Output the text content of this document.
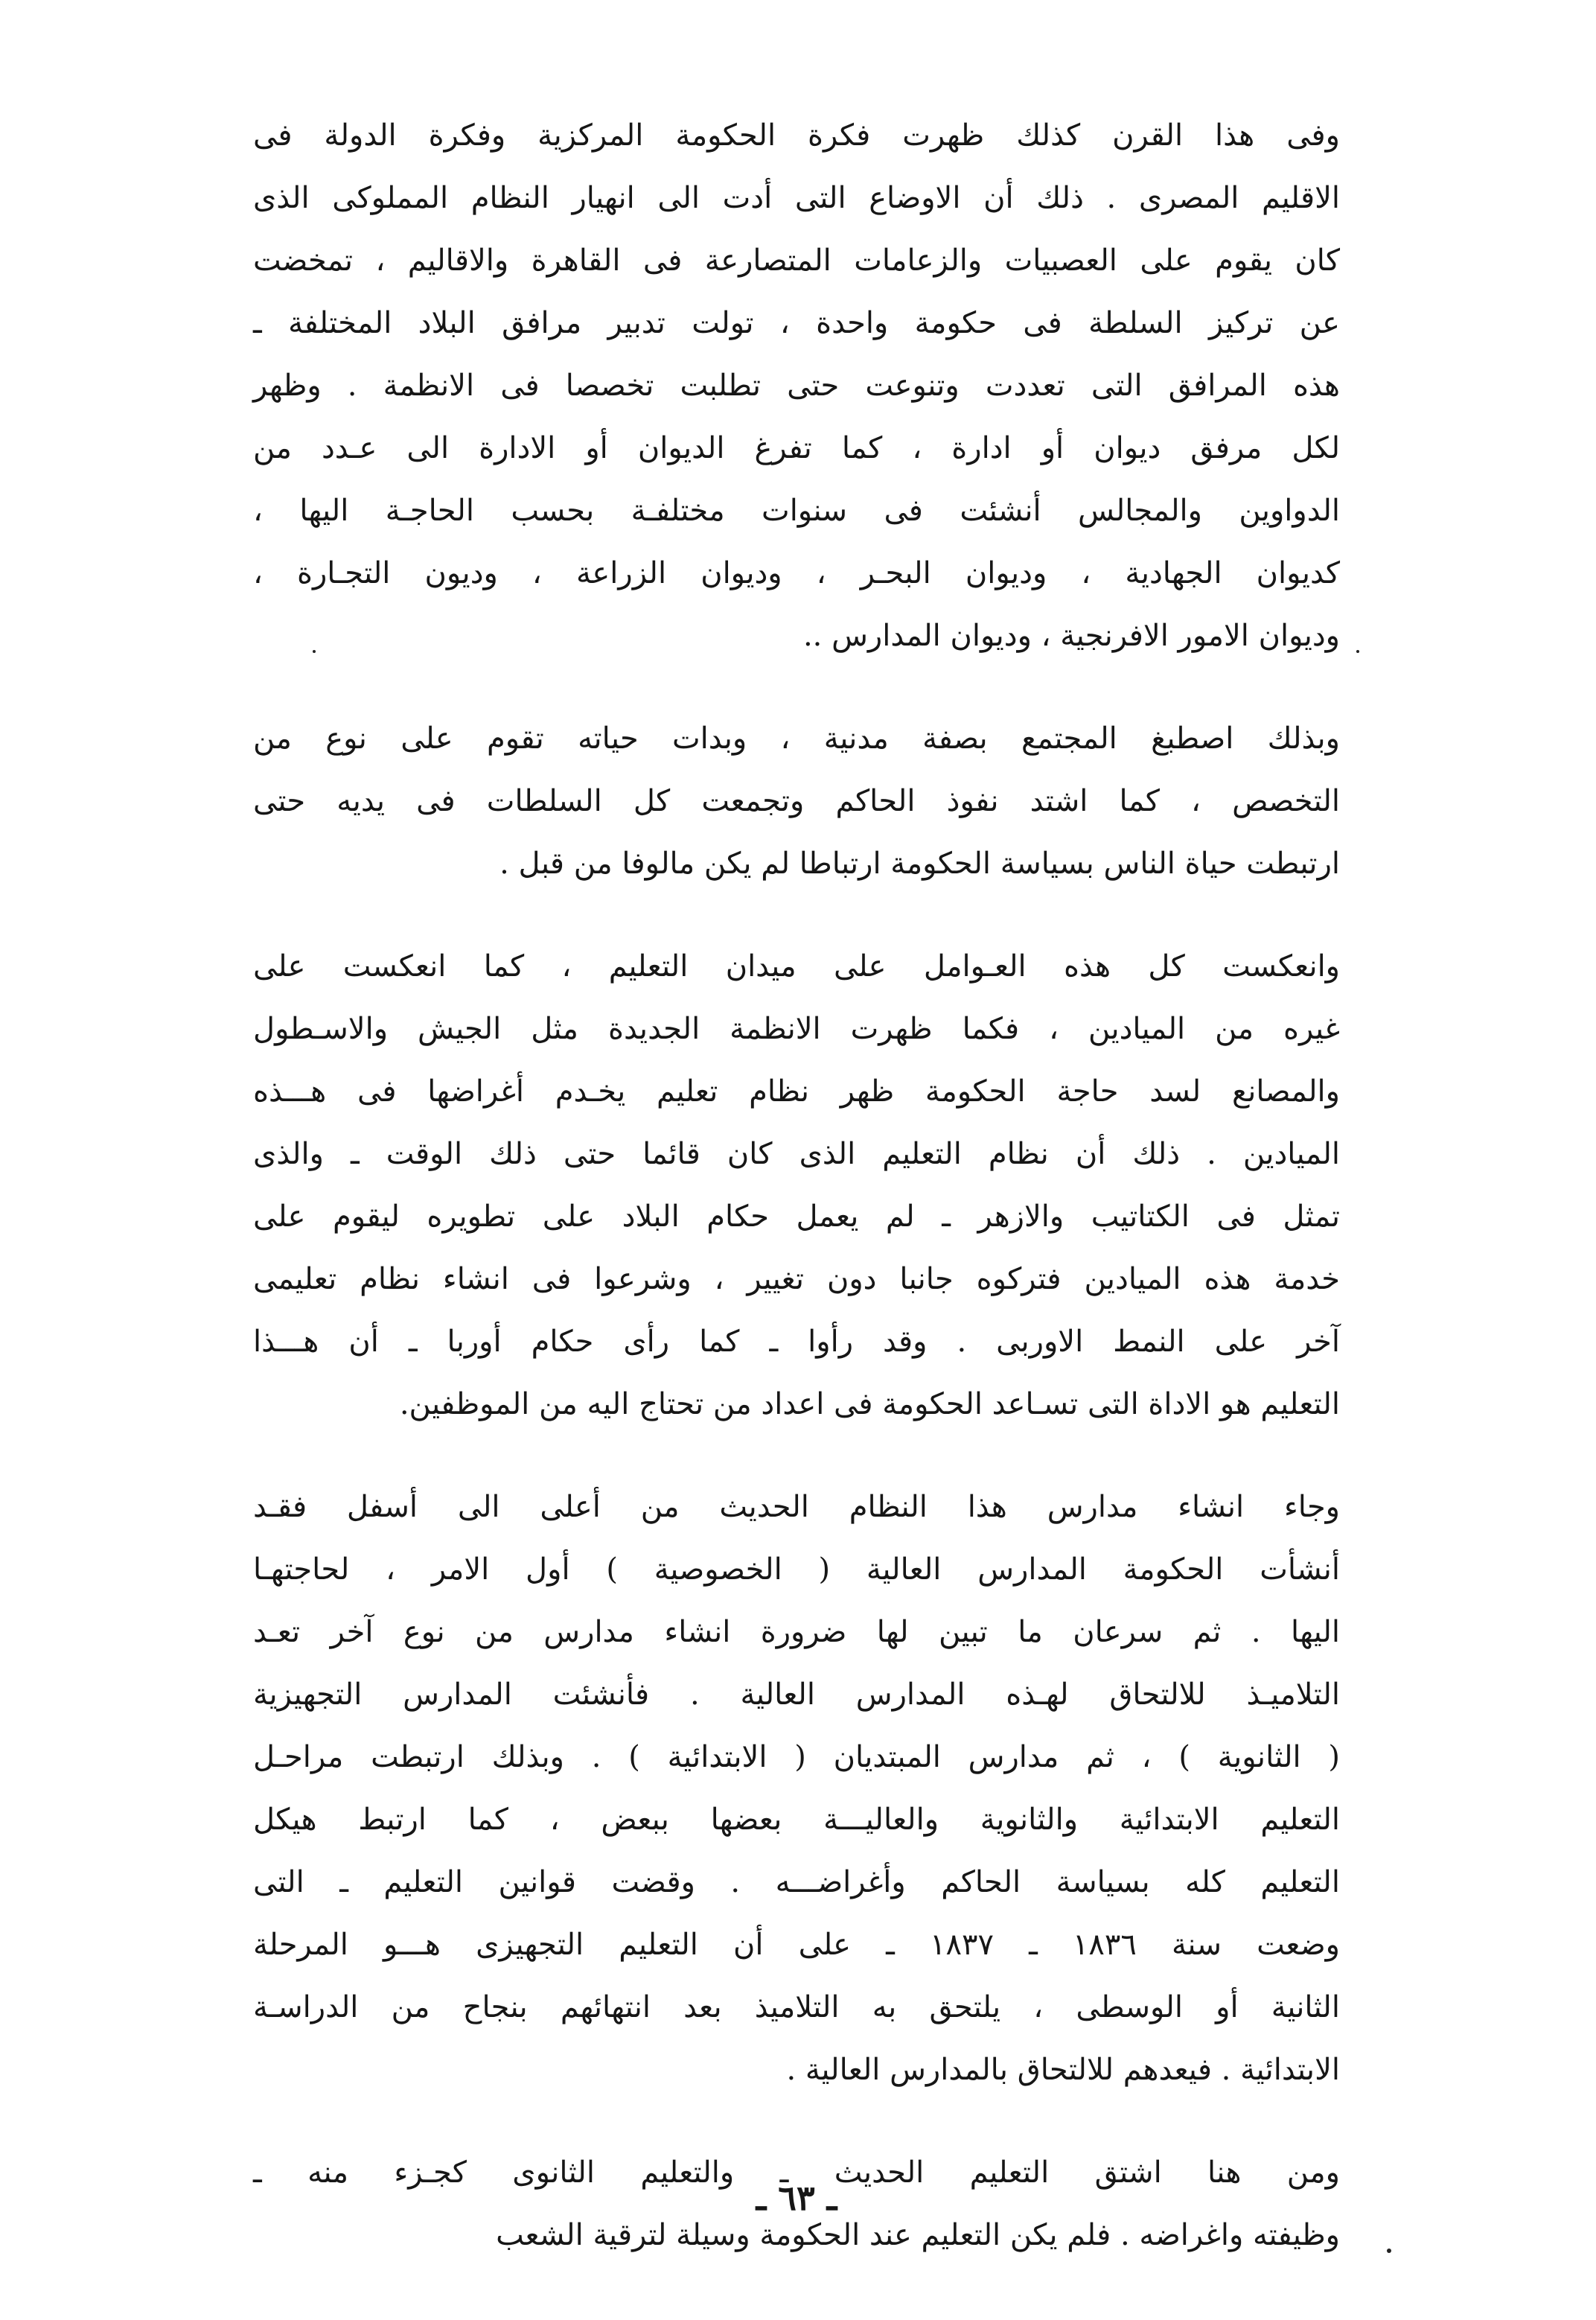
وفى هذا القرن كذلك ظهرت فكرة الحكومة المركزية وفكرة الدولة فى
الاقليم المصرى . ذلك أن الاوضاع التى أدت الى انهيار النظام المملوكى الذى
كان يقوم على العصبيات والزعامات المتصارعة فى القاهرة والاقاليم ، تمخضت
عن تركيز السلطة فى حكومة واحدة ، تولت تدبير مرافق البلاد المختلفة ـ
هذه المرافق التى تعددت وتنوعت حتى تطلبت تخصصا فى الانظمة . وظهر
لكل مرفق ديوان أو ادارة ، كما تفرغ الديوان أو الادارة الى عـدد من
الدواوين والمجالس أنشئت فى سنوات مختلفـة بحسب الحاجـة اليها ،
كديوان الجهادية ، وديوان البحـر ، وديوان الزراعة ، وديون التجـارة ،
وديوان الامور الافرنجية ، وديوان المدارس ..

وبذلك اصطبغ المجتمع بصفة مدنية ، وبدات حياته تقوم على نوع من
التخصص ، كما اشتد نفوذ الحاكم وتجمعت كل السلطات فى يديه حتى
ارتبطت حياة الناس بسياسة الحكومة ارتباطا لم يكن مالوفا من قبل .

وانعكست كل هذه العـوامل على ميدان التعليم ، كما انعكست على
غيره من الميادين ، فكما ظهرت الانظمة الجديدة مثل الجيش والاسـطول
والمصانع لسد حاجة الحكومة ظهر نظام تعليم يخـدم أغراضها فى هـــذه
الميادين . ذلك أن نظام التعليم الذى كان قائما حتى ذلك الوقت ـ والذى
تمثل فى الكتاتيب والازهر ـ لم يعمل حكام البلاد على تطويره ليقوم على
خدمة هذه الميادين فتركوه جانبا دون تغيير ، وشرعوا فى انشاء نظام تعليمى
آخر على النمط الاوربى . وقد رأوا ـ كما رأى حكام أوربا ـ أن هـــذا
التعليم هو الاداة التى تسـاعد الحكومة فى اعداد من تحتاج اليه من الموظفين.

وجاء انشاء مدارس هذا النظام الحديث من أعلى الى أسفل فقـد
أنشأت الحكومة المدارس العالية ( الخصوصية ) أول الامر ، لحاجتهـا
اليها . ثم سرعان ما تبين لها ضرورة انشاء مدارس من نوع آخر تعـد
التلاميـذ للالتحاق لهـذه المدارس العالية . فأنشئت المدارس التجهيزية
( الثانوية ) ، ثم مدارس المبتديان ( الابتدائية ) . وبذلك ارتبطت مراحـل
التعليم الابتدائية والثانوية والعاليـــة بعضها ببعض ، كما ارتبط هيكل
التعليم كله بسياسة الحاكم وأغراضـــه . وقضت قوانين التعليم ـ التى
وضعت سنة ١٨٣٦ ـ ١٨٣٧ ـ على أن التعليم التجهيزى هـــو المرحلة
الثانية أو الوسطى ، يلتحق به التلاميذ بعد انتهائهم بنجاح من الدراسـة
الابتدائية . فيعدهم للالتحاق بالمدارس العالية .

ومن هنا اشتق التعليم الحديث ـ والتعليم الثانوى كجـزء منه ـ
وظيفته واغراضه . فلم يكن التعليم عند الحكومة وسيلة لترقية الشعب

ـ ٦٣ ـ
